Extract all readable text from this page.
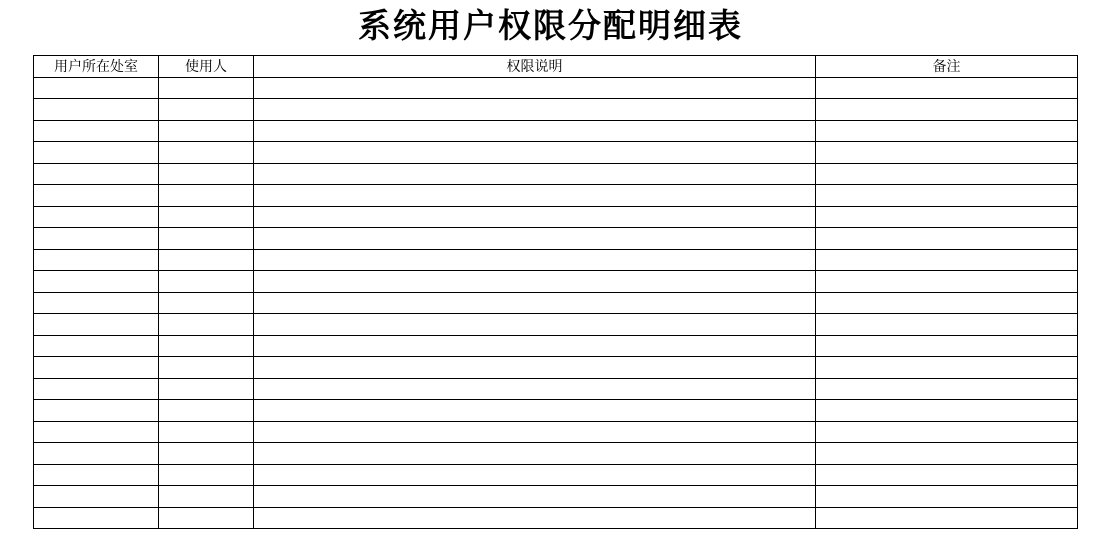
系统用户权限分配明细表
用户所在处室	使用人	权限说明	备注
